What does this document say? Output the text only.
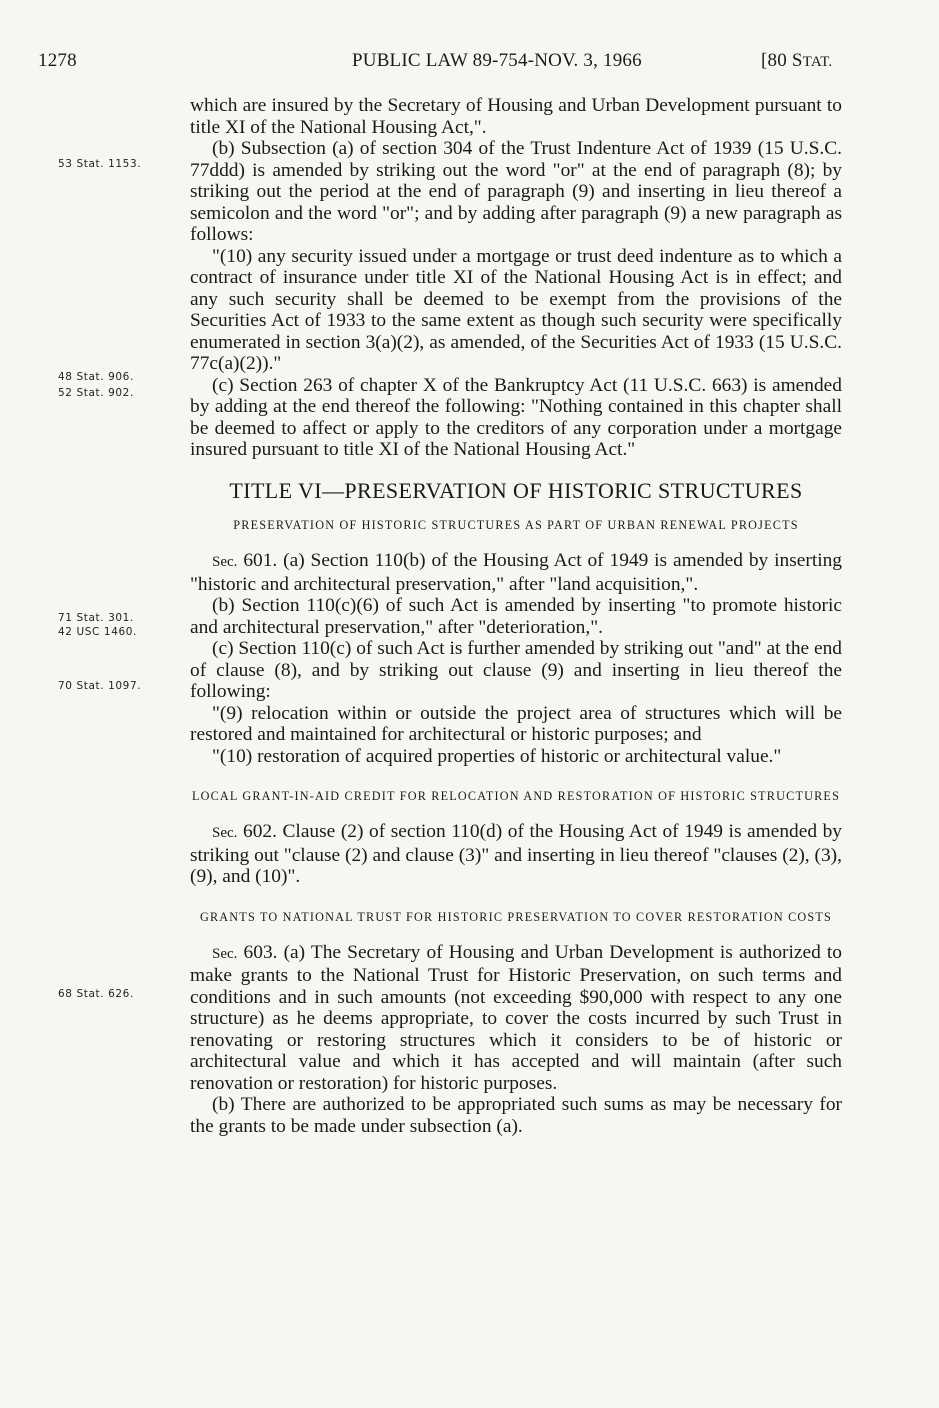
1278	PUBLIC LAW 89-754-NOV. 3, 1966	[80 STAT.
53 Stat. 1153.
48 Stat. 906.
52 Stat. 902.
71 Stat. 301.
42 USC 1460.
70 Stat. 1097.
68 Stat. 626.

which are insured by the Secretary of Housing and Urban Development pursuant to title XI of the National Housing Act,".

(b) Subsection (a) of section 304 of the Trust Indenture Act of 1939 (15 U.S.C. 77ddd) is amended by striking out the word "or" at the end of paragraph (8); by striking out the period at the end of paragraph (9) and inserting in lieu thereof a semicolon and the word "or"; and by adding after paragraph (9) a new paragraph as follows:

"(10) any security issued under a mortgage or trust deed indenture as to which a contract of insurance under title XI of the National Housing Act is in effect; and any such security shall be deemed to be exempt from the provisions of the Securities Act of 1933 to the same extent as though such security were specifically enumerated in section 3(a)(2), as amended, of the Securities Act of 1933 (15 U.S.C. 77c(a)(2))."

(c) Section 263 of chapter X of the Bankruptcy Act (11 U.S.C. 663) is amended by adding at the end thereof the following: "Nothing contained in this chapter shall be deemed to affect or apply to the creditors of any corporation under a mortgage insured pursuant to title XI of the National Housing Act."

TITLE VI—PRESERVATION OF HISTORIC STRUCTURES
PRESERVATION OF HISTORIC STRUCTURES AS PART OF URBAN RENEWAL PROJECTS

Sec. 601. (a) Section 110(b) of the Housing Act of 1949 is amended by inserting "historic and architectural preservation," after "land acquisition,".

(b) Section 110(c)(6) of such Act is amended by inserting "to promote historic and architectural preservation," after "deterioration,".

(c) Section 110(c) of such Act is further amended by striking out "and" at the end of clause (8), and by striking out clause (9) and inserting in lieu thereof the following:

"(9) relocation within or outside the project area of structures which will be restored and maintained for architectural or historic purposes; and

"(10) restoration of acquired properties of historic or architectural value."

LOCAL GRANT-IN-AID CREDIT FOR RELOCATION AND RESTORATION OF HISTORIC STRUCTURES

Sec. 602. Clause (2) of section 110(d) of the Housing Act of 1949 is amended by striking out "clause (2) and clause (3)" and inserting in lieu thereof "clauses (2), (3), (9), and (10)".

GRANTS TO NATIONAL TRUST FOR HISTORIC PRESERVATION TO COVER RESTORATION COSTS

Sec. 603. (a) The Secretary of Housing and Urban Development is authorized to make grants to the National Trust for Historic Preservation, on such terms and conditions and in such amounts (not exceeding $90,000 with respect to any one structure) as he deems appropriate, to cover the costs incurred by such Trust in renovating or restoring structures which it considers to be of historic or architectural value and which it has accepted and will maintain (after such renovation or restoration) for historic purposes.

(b) There are authorized to be appropriated such sums as may be necessary for the grants to be made under subsection (a).
